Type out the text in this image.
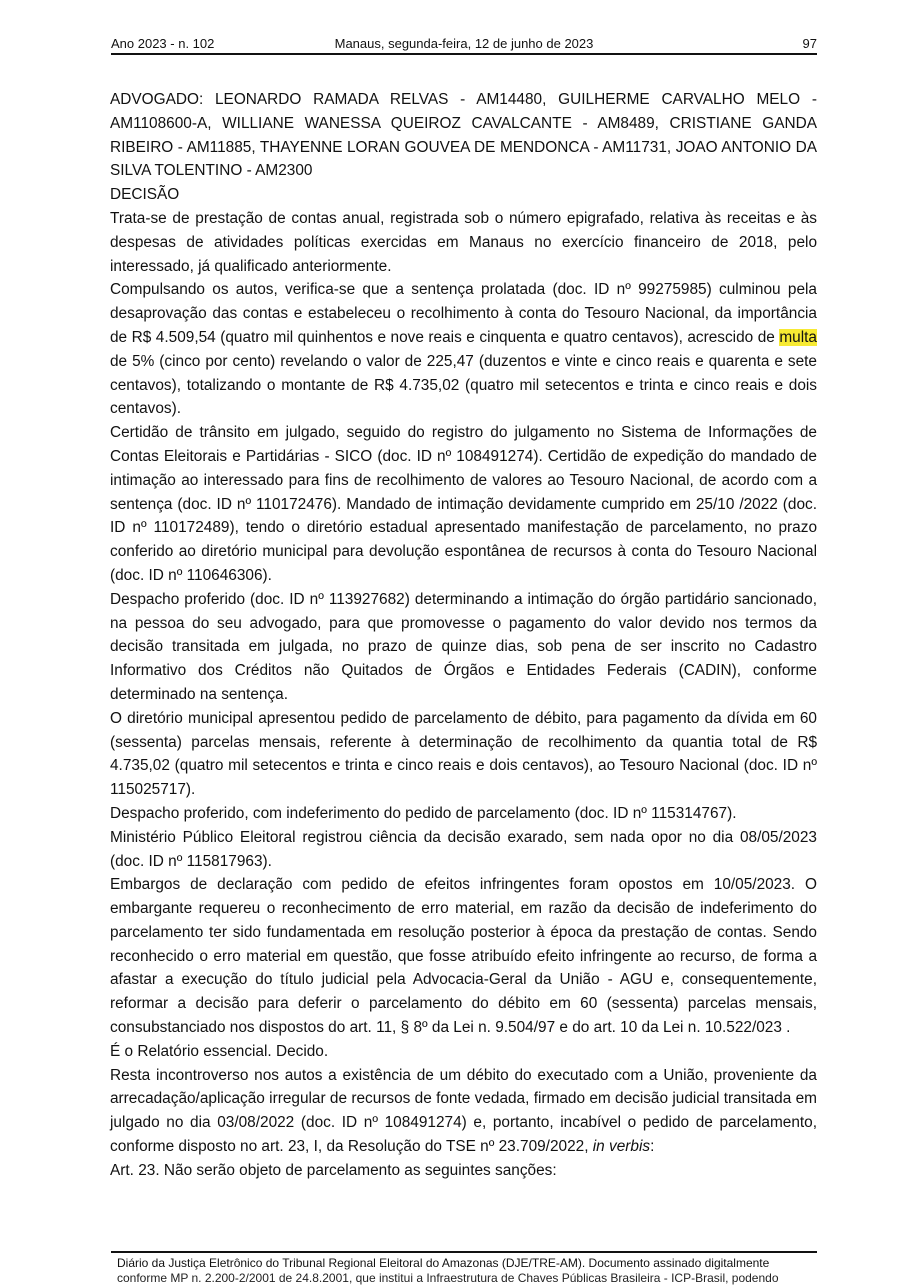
Ano 2023 - n. 102	Manaus, segunda-feira, 12 de junho de 2023	97

ADVOGADO: LEONARDO RAMADA RELVAS - AM14480, GUILHERME CARVALHO MELO - AM1108600-A, WILLIANE WANESSA QUEIROZ CAVALCANTE - AM8489, CRISTIANE GANDA RIBEIRO - AM11885, THAYENNE LORAN GOUVEA DE MENDONCA - AM11731, JOAO ANTONIO DA SILVA TOLENTINO - AM2300

DECISÃO

Trata-se de prestação de contas anual, registrada sob o número epigrafado, relativa às receitas e às despesas de atividades políticas exercidas em Manaus no exercício financeiro de 2018, pelo interessado, já qualificado anteriormente.

Compulsando os autos, verifica-se que a sentença prolatada (doc. ID nº 99275985) culminou pela desaprovação das contas e estabeleceu o recolhimento à conta do Tesouro Nacional, da importância de R$ 4.509,54 (quatro mil quinhentos e nove reais e cinquenta e quatro centavos), acrescido de multa de 5% (cinco por cento) revelando o valor de 225,47 (duzentos e vinte e cinco reais e quarenta e sete centavos), totalizando o montante de R$ 4.735,02 (quatro mil setecentos e trinta e cinco reais e dois centavos).

Certidão de trânsito em julgado, seguido do registro do julgamento no Sistema de Informações de Contas Eleitorais e Partidárias - SICO (doc. ID nº 108491274). Certidão de expedição do mandado de intimação ao interessado para fins de recolhimento de valores ao Tesouro Nacional, de acordo com a sentença (doc. ID nº 110172476). Mandado de intimação devidamente cumprido em 25/10 /2022 (doc. ID nº 110172489), tendo o diretório estadual apresentado manifestação de parcelamento, no prazo conferido ao diretório municipal para devolução espontânea de recursos à conta do Tesouro Nacional (doc. ID nº 110646306).

Despacho proferido (doc. ID nº 113927682) determinando a intimação do órgão partidário sancionado, na pessoa do seu advogado, para que promovesse o pagamento do valor devido nos termos da decisão transitada em julgada, no prazo de quinze dias, sob pena de ser inscrito no Cadastro Informativo dos Créditos não Quitados de Órgãos e Entidades Federais (CADIN), conforme determinado na sentença.

O diretório municipal apresentou pedido de parcelamento de débito, para pagamento da dívida em 60 (sessenta) parcelas mensais, referente à determinação de recolhimento da quantia total de R$ 4.735,02 (quatro mil setecentos e trinta e cinco reais e dois centavos), ao Tesouro Nacional (doc. ID nº 115025717).

Despacho proferido, com indeferimento do pedido de parcelamento (doc. ID nº 115314767).

Ministério Público Eleitoral registrou ciência da decisão exarado, sem nada opor no dia 08/05/2023 (doc. ID nº 115817963).

Embargos de declaração com pedido de efeitos infringentes foram opostos em 10/05/2023. O embargante requereu o reconhecimento de erro material, em razão da decisão de indeferimento do parcelamento ter sido fundamentada em resolução posterior à época da prestação de contas. Sendo reconhecido o erro material em questão, que fosse atribuído efeito infringente ao recurso, de forma a afastar a execução do título judicial pela Advocacia-Geral da União - AGU e, consequentemente, reformar a decisão para deferir o parcelamento do débito em 60 (sessenta) parcelas mensais, consubstanciado nos dispostos do art. 11, § 8º da Lei n. 9.504/97 e do art. 10 da Lei n. 10.522/023 .

É o Relatório essencial. Decido.

Resta incontroverso nos autos a existência de um débito do executado com a União, proveniente da arrecadação/aplicação irregular de recursos de fonte vedada, firmado em decisão judicial transitada em julgado no dia 03/08/2022 (doc. ID nº 108491274) e, portanto, incabível o pedido de parcelamento, conforme disposto no art. 23, I, da Resolução do TSE nº 23.709/2022, in verbis:

Art. 23. Não serão objeto de parcelamento as seguintes sanções:

Diário da Justiça Eletrônico do Tribunal Regional Eleitoral do Amazonas (DJE/TRE-AM). Documento assinado digitalmente
conforme MP n. 2.200-2/2001 de 24.8.2001, que institui a Infraestrutura de Chaves Públicas Brasileira - ICP-Brasil, podendo
